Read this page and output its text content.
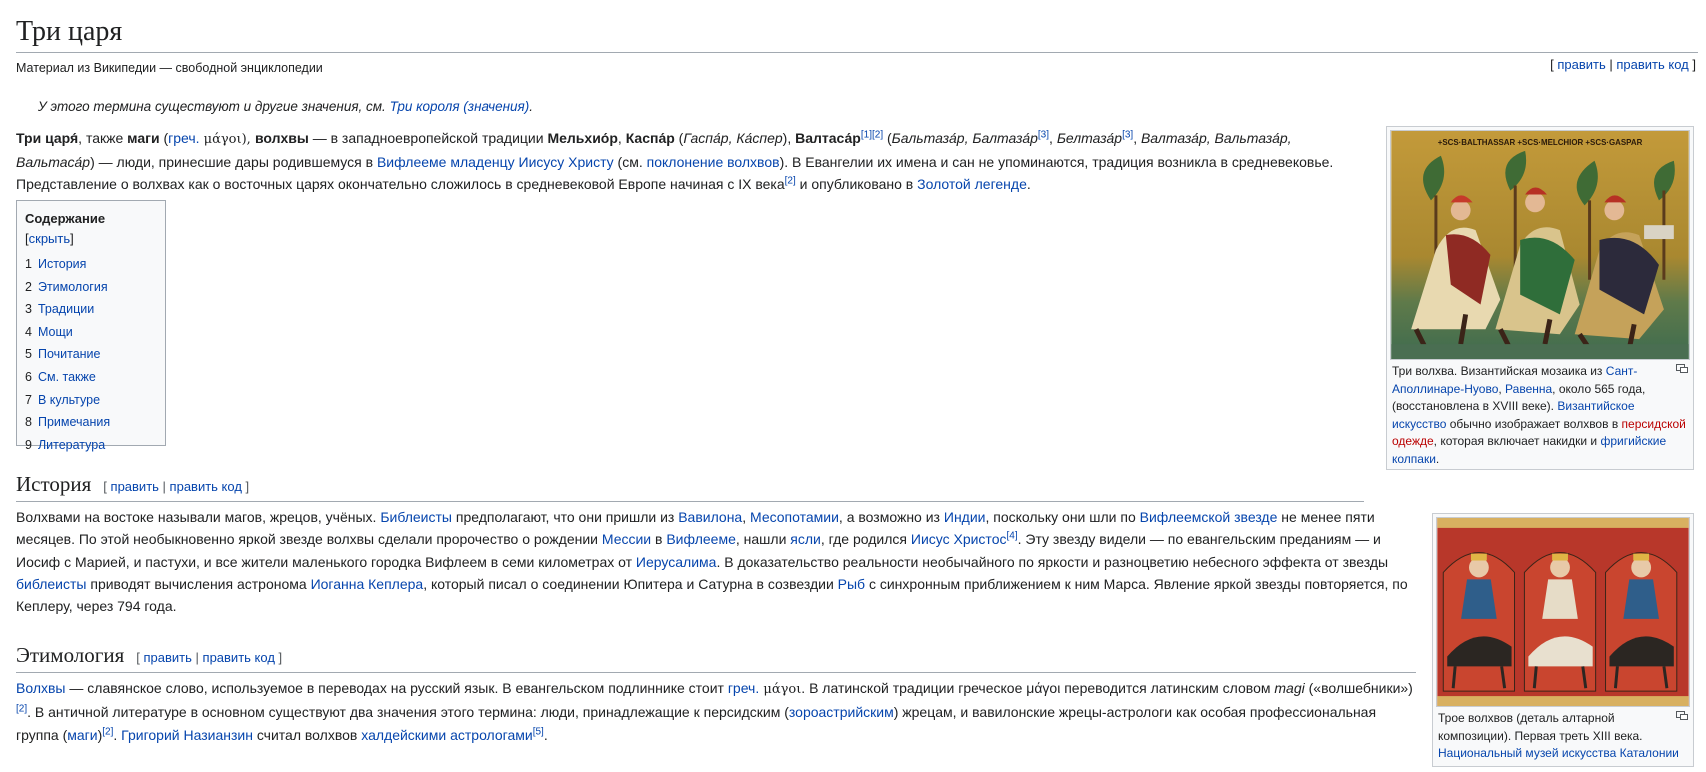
Три царя
Материал из Википедии — свободной энциклопедии	[ править | править код ]
У этого термина существуют и другие значения, см. Три короля (значения).

Три царя́, также маги (греч. μάγοι), волхвы — в западноевропейской традиции Мельхио́р, Каспа́р (Гаспа́р, Ка́спер), Валтаса́р[1][2] (Бальтаза́р, Балтаза́р[3], Белтаза́р[3], Валтаза́р, Вальтаза́р, Вальтаса́р) — люди, принесшие дары родившемуся в Вифлееме младенцу Иисусу Христу (см. поклонение волхвов). В Евангелии их имена и сан не упоминаются, традиция возникла в средневековье. Представление о волхвах как о восточных царях окончательно сложилось в средневековой Европе начиная с IX века[2] и опубликовано в Золотой легенде.

Содержание [скрыть]
1 История
2 Этимология
3 Традиции
4 Мощи
5 Почитание
6 См. также
7 В культуре
8 Примечания
9 Литература
+SCS·BALTHASSAR +SCS·MELCHIOR +SCS·GASPAR
Три волхва. Византийская мозаика из Сант-Аполлинаре-Нуово, Равенна, около 565 года, (восстановлена в XVIII веке). Византийское искусство обычно изображает волхвов в персидской одежде, которая включает накидки и фригийские колпаки.
Трое волхвов (деталь алтарной композиции). Первая треть XIII века. Национальный музей искусства Каталонии
История [ править | править код ]

Волхвами на востоке называли магов, жрецов, учёных. Библеисты предполагают, что они пришли из Вавилона, Месопотамии, а возможно из Индии, поскольку они шли по Вифлеемской звезде не менее пяти месяцев. По этой необыкновенно яркой звезде волхвы сделали пророчество о рождении Мессии в Вифлееме, нашли ясли, где родился Иисус Христос[4]. Эту звезду видели — по евангельским преданиям — и Иосиф с Марией, и пастухи, и все жители маленького городка Вифлеем в семи километрах от Иерусалима. В доказательство реальности необычайного по яркости и разноцветию небесного эффекта от звезды библеисты приводят вычисления астронома Иоганна Кеплера, который писал о соединении Юпитера и Сатурна в созвездии Рыб с синхронным приближением к ним Марса. Явление яркой звезды повторяется, по Кеплеру, через 794 года.

Этимология [ править | править код ]

Волхвы — славянское слово, используемое в переводах на русский язык. В евангельском подлиннике стоит греч. μάγοι. В латинской традиции греческое μάγοι переводится латинским словом magi («волшебники»)[2]. В античной литературе в основном существуют два значения этого термина: люди, принадлежащие к персидским (зороастрийским) жрецам, и вавилонские жрецы-астрологи как особая профессиональная группа (маги)[2]. Григорий Назианзин считал волхвов халдейскими астрологами[5].
